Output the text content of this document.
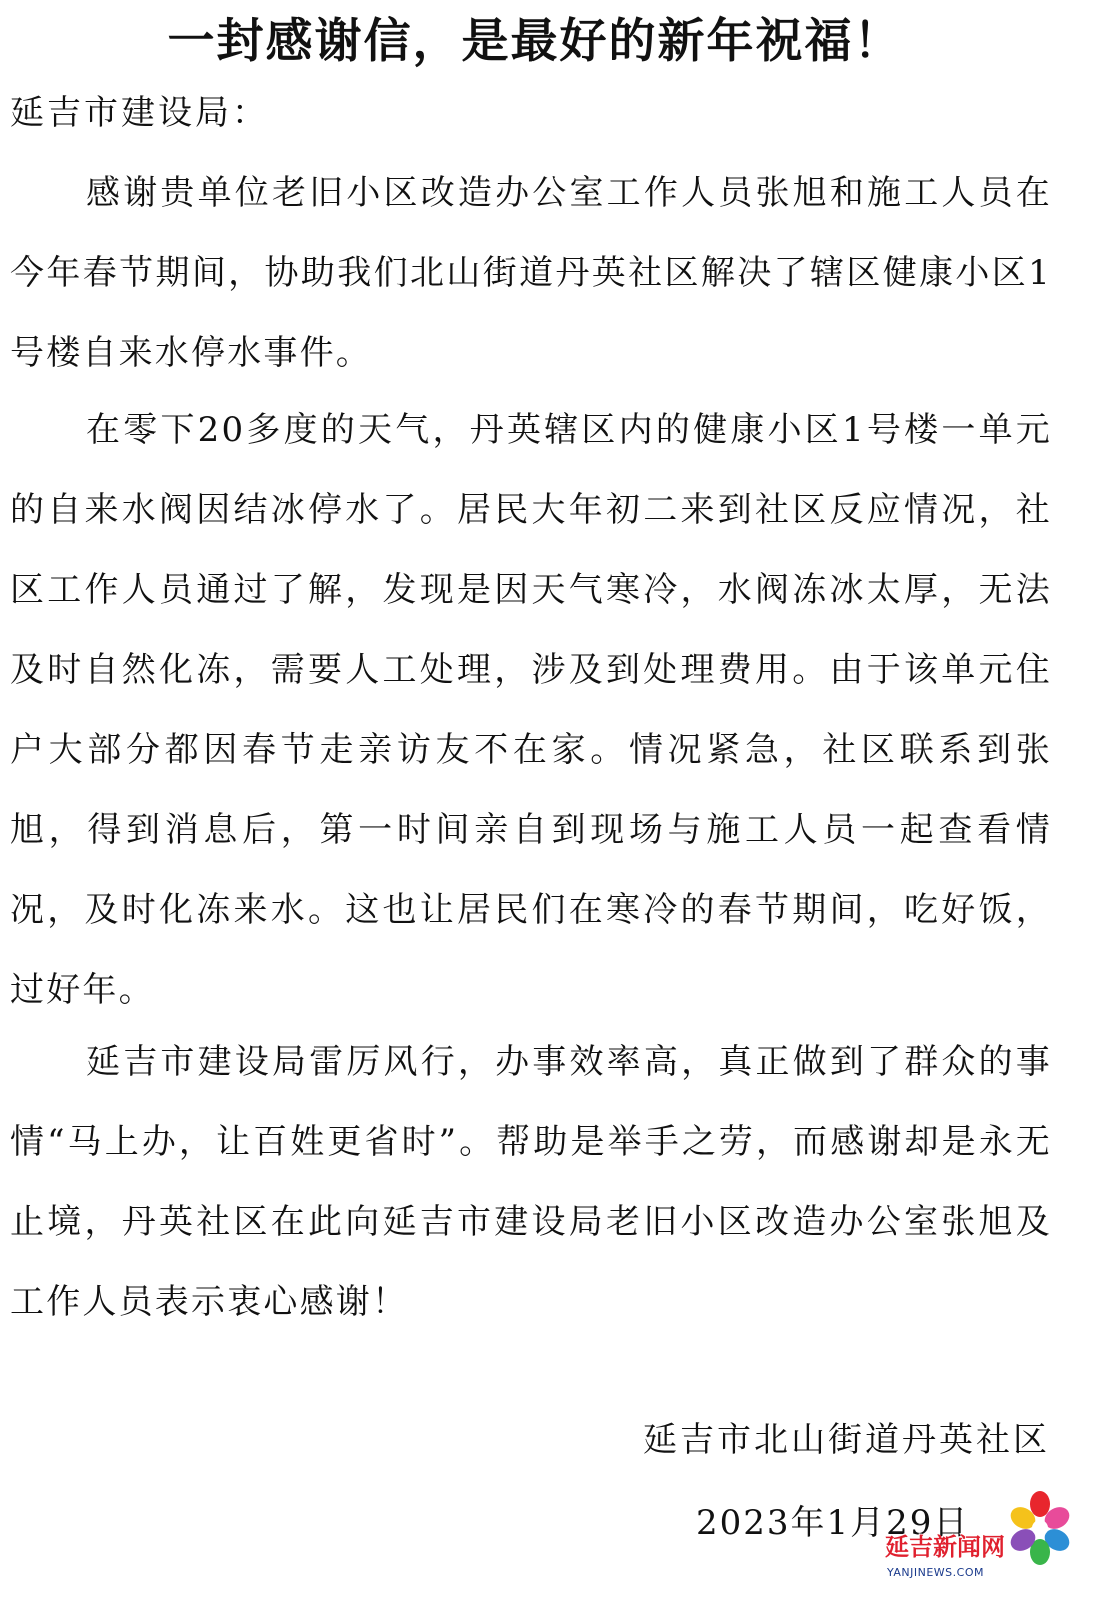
一封感谢信，是最好的新年祝福！

延吉市建设局：

感谢贵单位老旧小区改造办公室工作人员张旭和施工人员在今年春节期间，协助我们北山街道丹英社区解决了辖区健康小区1号楼自来水停水事件。

在零下20多度的天气，丹英辖区内的健康小区1号楼一单元的自来水阀因结冰停水了。居民大年初二来到社区反应情况，社区工作人员通过了解，发现是因天气寒冷，水阀冻冰太厚，无法及时自然化冻，需要人工处理，涉及到处理费用。由于该单元住户大部分都因春节走亲访友不在家。情况紧急，社区联系到张旭，得到消息后，第一时间亲自到现场与施工人员一起查看情况，及时化冻来水。这也让居民们在寒冷的春节期间，吃好饭，过好年。

延吉市建设局雷厉风行，办事效率高，真正做到了群众的事情“马上办，让百姓更省时”。帮助是举手之劳，而感谢却是永无止境，丹英社区在此向延吉市建设局老旧小区改造办公室张旭及工作人员表示衷心感谢！

延吉市北山街道丹英社区

2023年1月29日

延吉新闻网
YANJINEWS.COM
